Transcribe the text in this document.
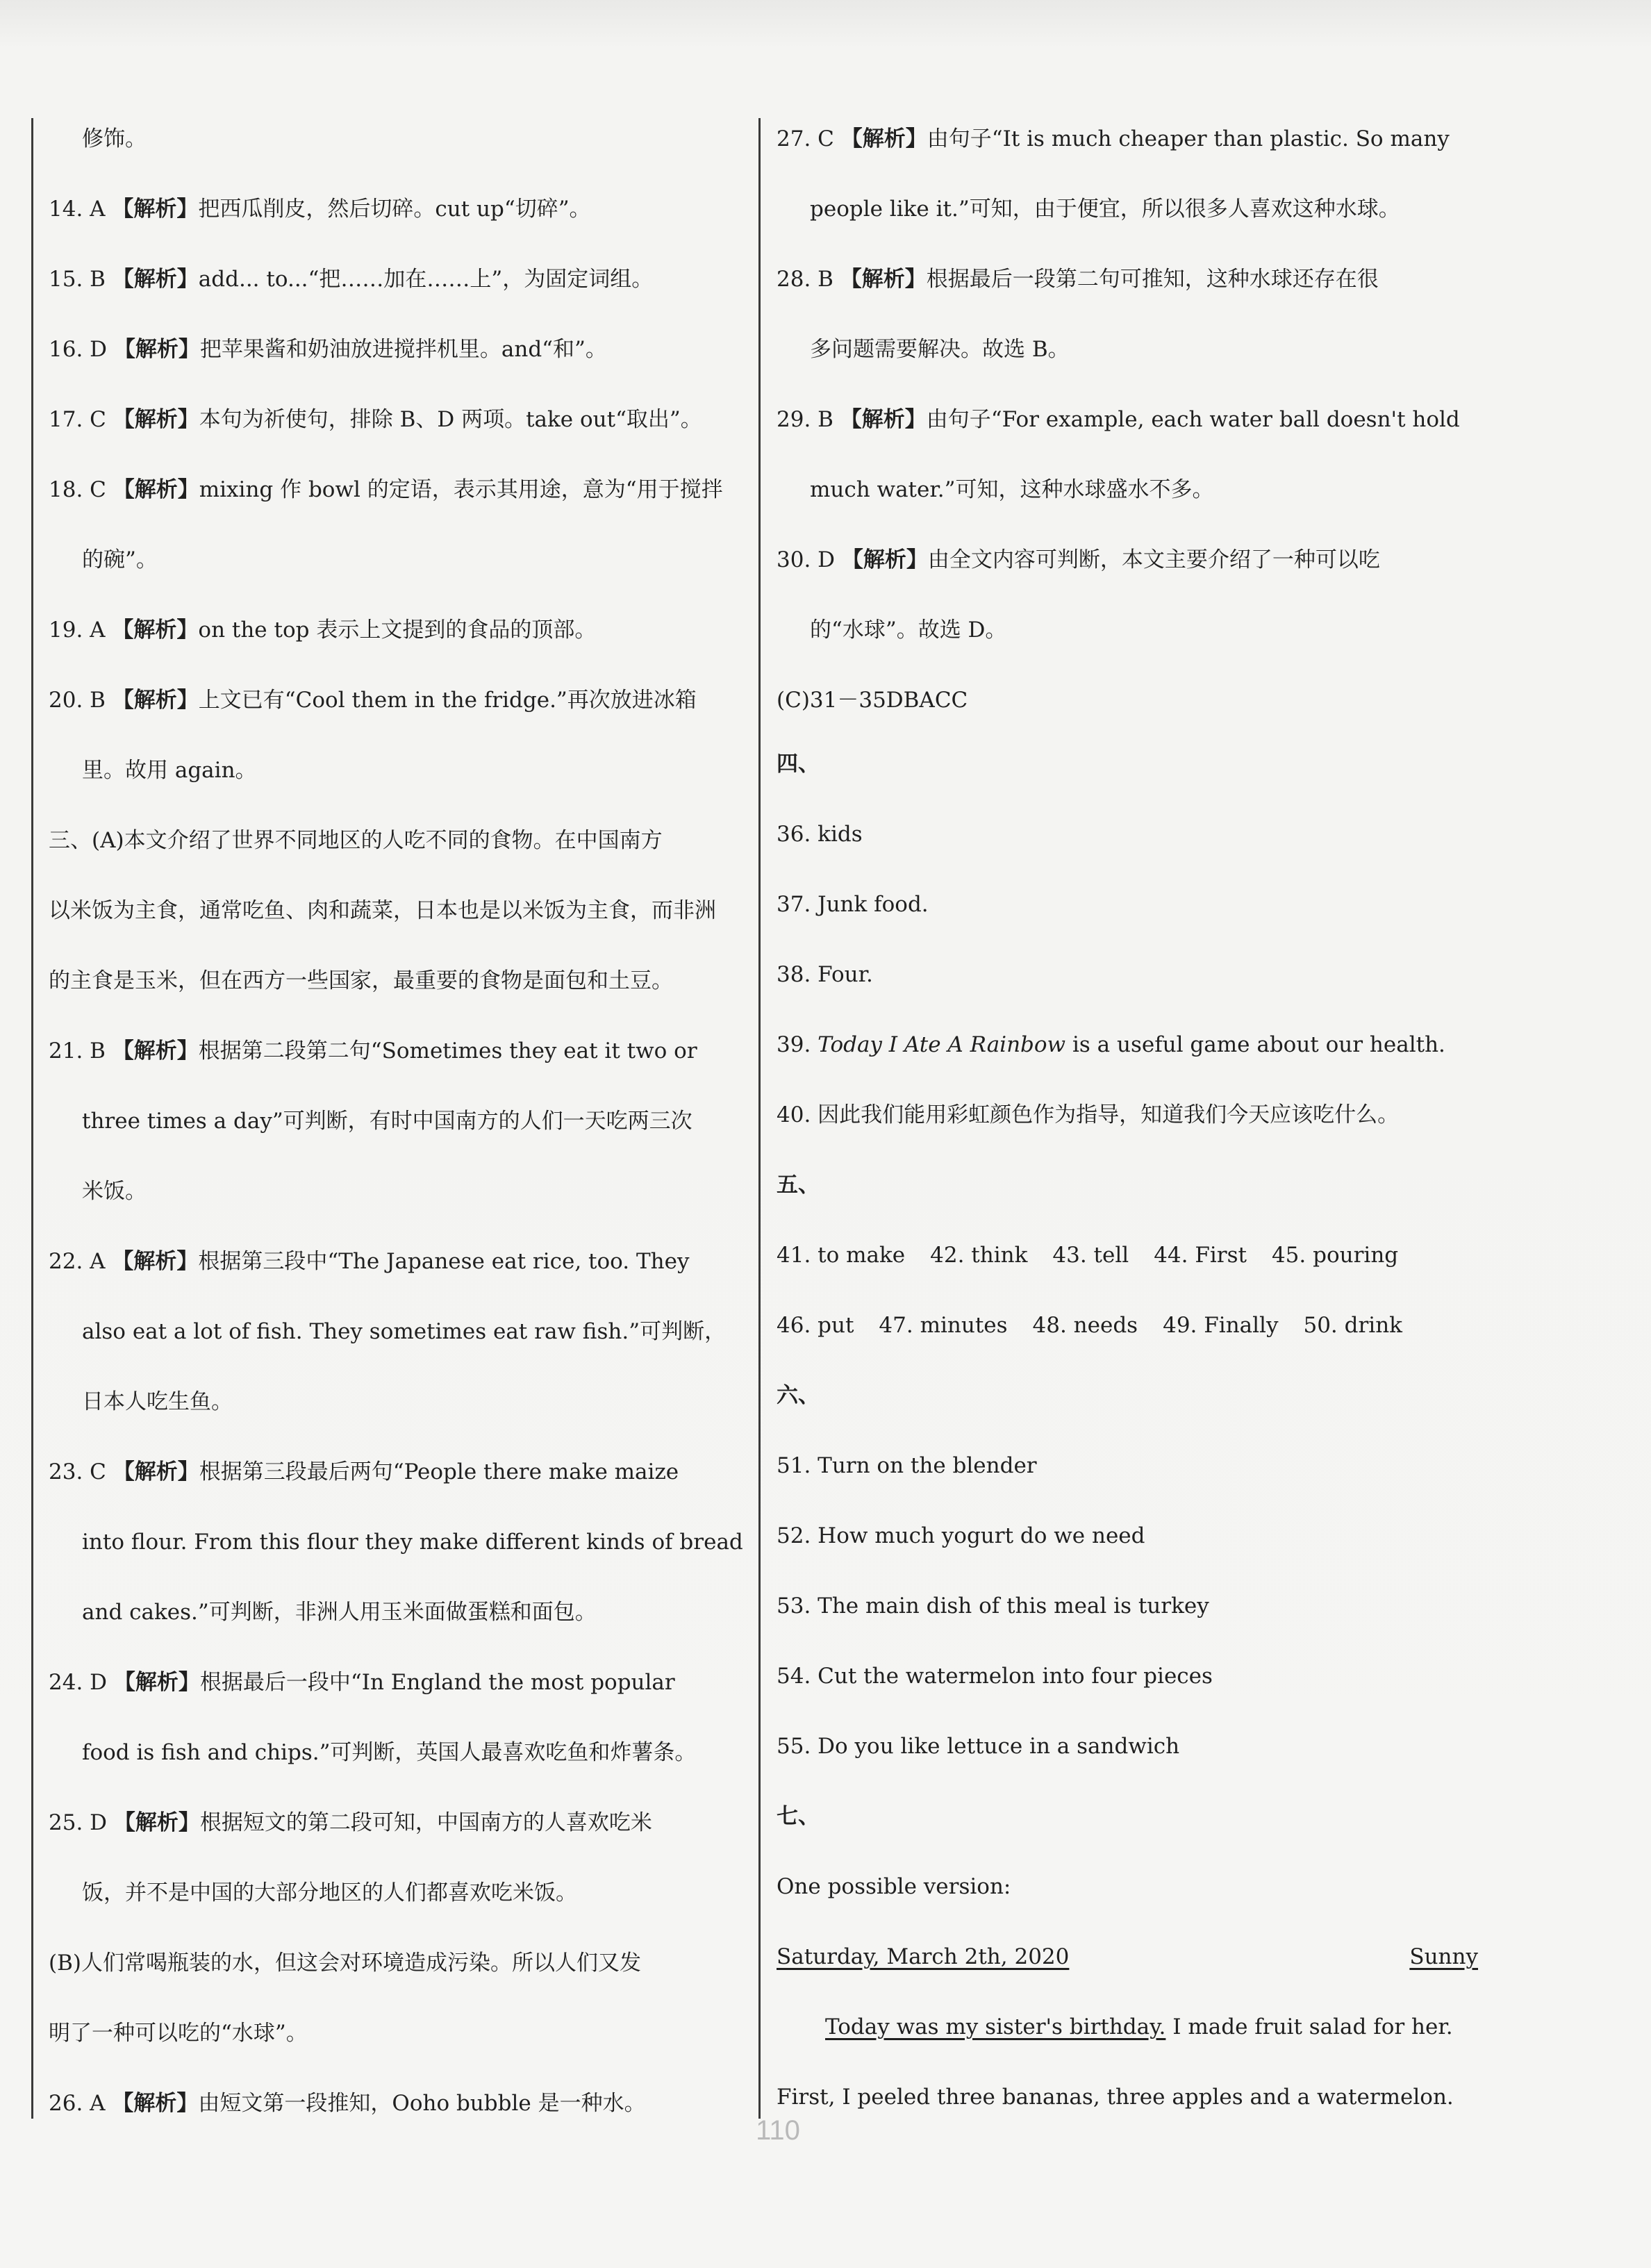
修饰。
14. A 【解析】把西瓜削皮，然后切碎。cut up“切碎”。
15. B 【解析】add... to...“把……加在……上”，为固定词组。
16. D 【解析】把苹果酱和奶油放进搅拌机里。and“和”。
17. C 【解析】本句为祈使句，排除 B、D 两项。take out“取出”。
18. C 【解析】mixing 作 bowl 的定语，表示其用途，意为“用于搅拌
的碗”。
19. A 【解析】on the top 表示上文提到的食品的顶部。
20. B 【解析】上文已有“Cool them in the fridge.”再次放进冰箱
里。故用 again。
三、(A)本文介绍了世界不同地区的人吃不同的食物。在中国南方
以米饭为主食，通常吃鱼、肉和蔬菜，日本也是以米饭为主食，而非洲
的主食是玉米，但在西方一些国家，最重要的食物是面包和土豆。
21. B 【解析】根据第二段第二句“Sometimes they eat it two or
three times a day”可判断，有时中国南方的人们一天吃两三次
米饭。
22. A 【解析】根据第三段中“The Japanese eat rice, too. They
also eat a lot of fish. They sometimes eat raw fish.”可判断，
日本人吃生鱼。
23. C 【解析】根据第三段最后两句“People there make maize
into flour. From this flour they make different kinds of bread
and cakes.”可判断，非洲人用玉米面做蛋糕和面包。
24. D 【解析】根据最后一段中“In England the most popular
food is fish and chips.”可判断，英国人最喜欢吃鱼和炸薯条。
25. D 【解析】根据短文的第二段可知，中国南方的人喜欢吃米
饭，并不是中国的大部分地区的人们都喜欢吃米饭。
(B)人们常喝瓶装的水，但这会对环境造成污染。所以人们又发
明了一种可以吃的“水球”。
26. A 【解析】由短文第一段推知，Ooho bubble 是一种水。
四、
36. kids
37. Junk food.
38. Four.
39. Today I Ate A Rainbow is a useful game about our health.
40. 因此我们能用彩虹颜色作为指导，知道我们今天应该吃什么。
五、
41. to make 42. think 43. tell 44. First 45. pouring
46. put 47. minutes 48. needs 49. Finally 50. drink
六、
51. Turn on the blender
52. How much yogurt do we need
53. The main dish of this meal is turkey
54. Cut the watermelon into four pieces
55. Do you like lettuce in a sandwich
七、
One possible version:
Saturday, March 2th, 2020	Sunny
Today was my sister's birthday. I made fruit salad for her.
First, I peeled three bananas, three apples and a watermelon.
27. C 【解析】由句子“It is much cheaper than plastic. So many
people like it.”可知，由于便宜，所以很多人喜欢这种水球。
28. B 【解析】根据最后一段第二句可推知，这种水球还存在很
多问题需要解决。故选 B。
29. B 【解析】由句子“For example, each water ball doesn't hold
much water.”可知，这种水球盛水不多。
30. D 【解析】由全文内容可判断，本文主要介绍了一种可以吃
的“水球”。故选 D。
(C)31－35DBACC
110
